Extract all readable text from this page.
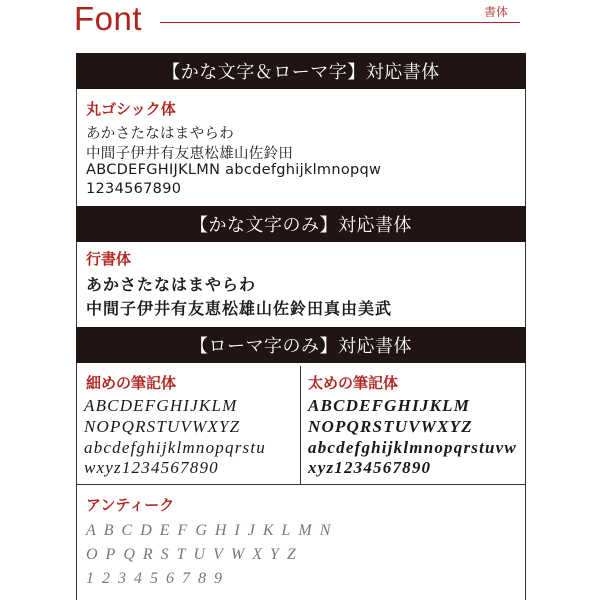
Font	書体
【かな文字＆ローマ字】対応書体
丸ゴシック体
あかさたなはまやらわ
中間子伊井有友恵松雄山佐鈴田
ABCDEFGHIJKLMN abcdefghijklmnopqw
1234567890
【かな文字のみ】対応書体
行書体
あかさたなはまやらわ
中間子伊井有友恵松雄山佐鈴田真由美武
【ローマ字のみ】対応書体
細めの筆記体
ABCDEFGHIJKLM
NOPQRSTUVWXYZ
abcdefghijklmnopqrstu
wxyz1234567890
太めの筆記体
ABCDEFGHIJKLM
NOPQRSTUVWXYZ
abcdefghijklmnopqrstuvw
xyz1234567890
アンティーク
ABCDEFGHIJKLMN
OPQRSTUVWXYZ
123456789
